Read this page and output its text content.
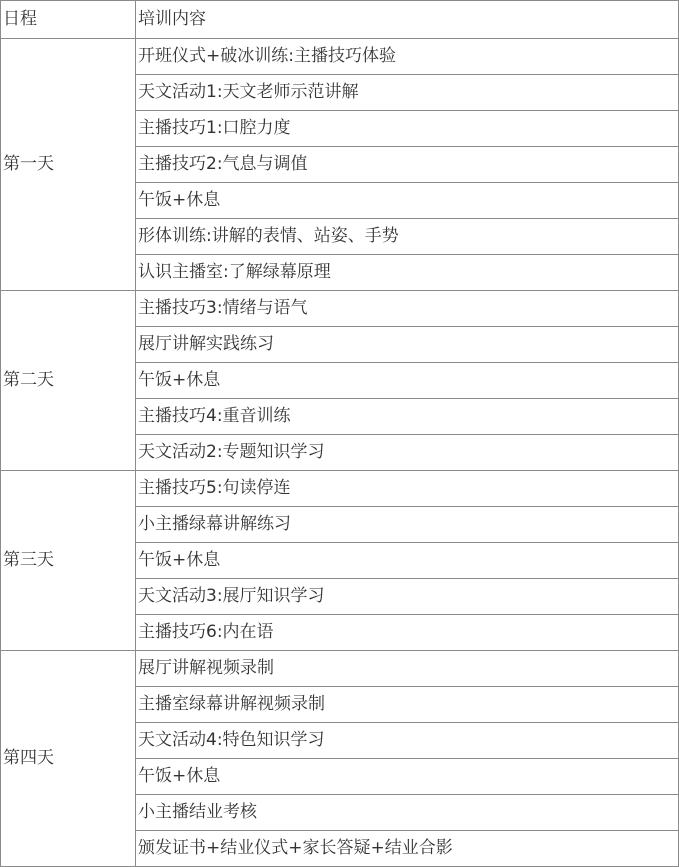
日程	培训内容
第一天	开班仪式+破冰训练:主播技巧体验
	天文活动1:天文老师示范讲解
	主播技巧1:口腔力度
	主播技巧2:气息与调值
	午饭+休息
	形体训练:讲解的表情、站姿、手势
	认识主播室:了解绿幕原理
第二天	主播技巧3:情绪与语气
	展厅讲解实践练习
	午饭+休息
	主播技巧4:重音训练
	天文活动2:专题知识学习
第三天	主播技巧5:句读停连
	小主播绿幕讲解练习
	午饭+休息
	天文活动3:展厅知识学习
	主播技巧6:内在语
第四天	展厅讲解视频录制
	主播室绿幕讲解视频录制
	天文活动4:特色知识学习
	午饭+休息
	小主播结业考核
	颁发证书+结业仪式+家长答疑+结业合影
